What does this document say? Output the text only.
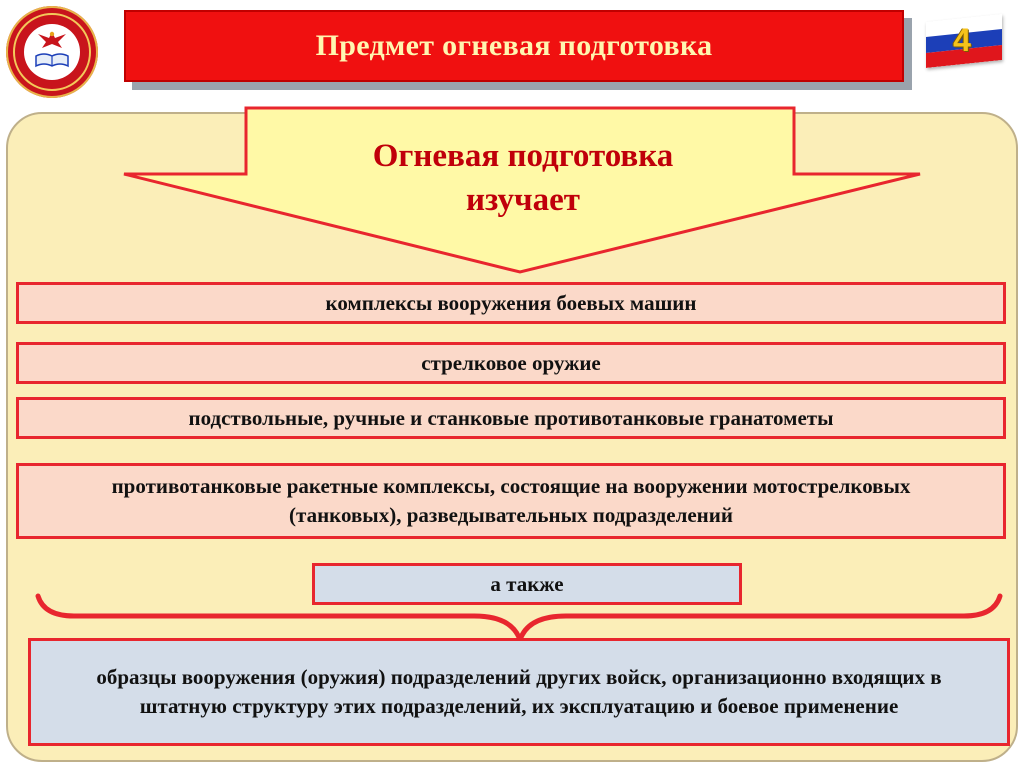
Предмет огневая подготовка	4
Огневая подготовка
изучает
комплексы вооружения боевых машин
стрелковое оружие
подствольные, ручные и станковые противотанковые гранатометы
противотанковые ракетные комплексы, состоящие на вооружении мотострелковых (танковых), разведывательных подразделений
а также
образцы вооружения (оружия) подразделений других войск, организационно входящих в штатную структуру этих подразделений, их эксплуатацию и боевое применение
